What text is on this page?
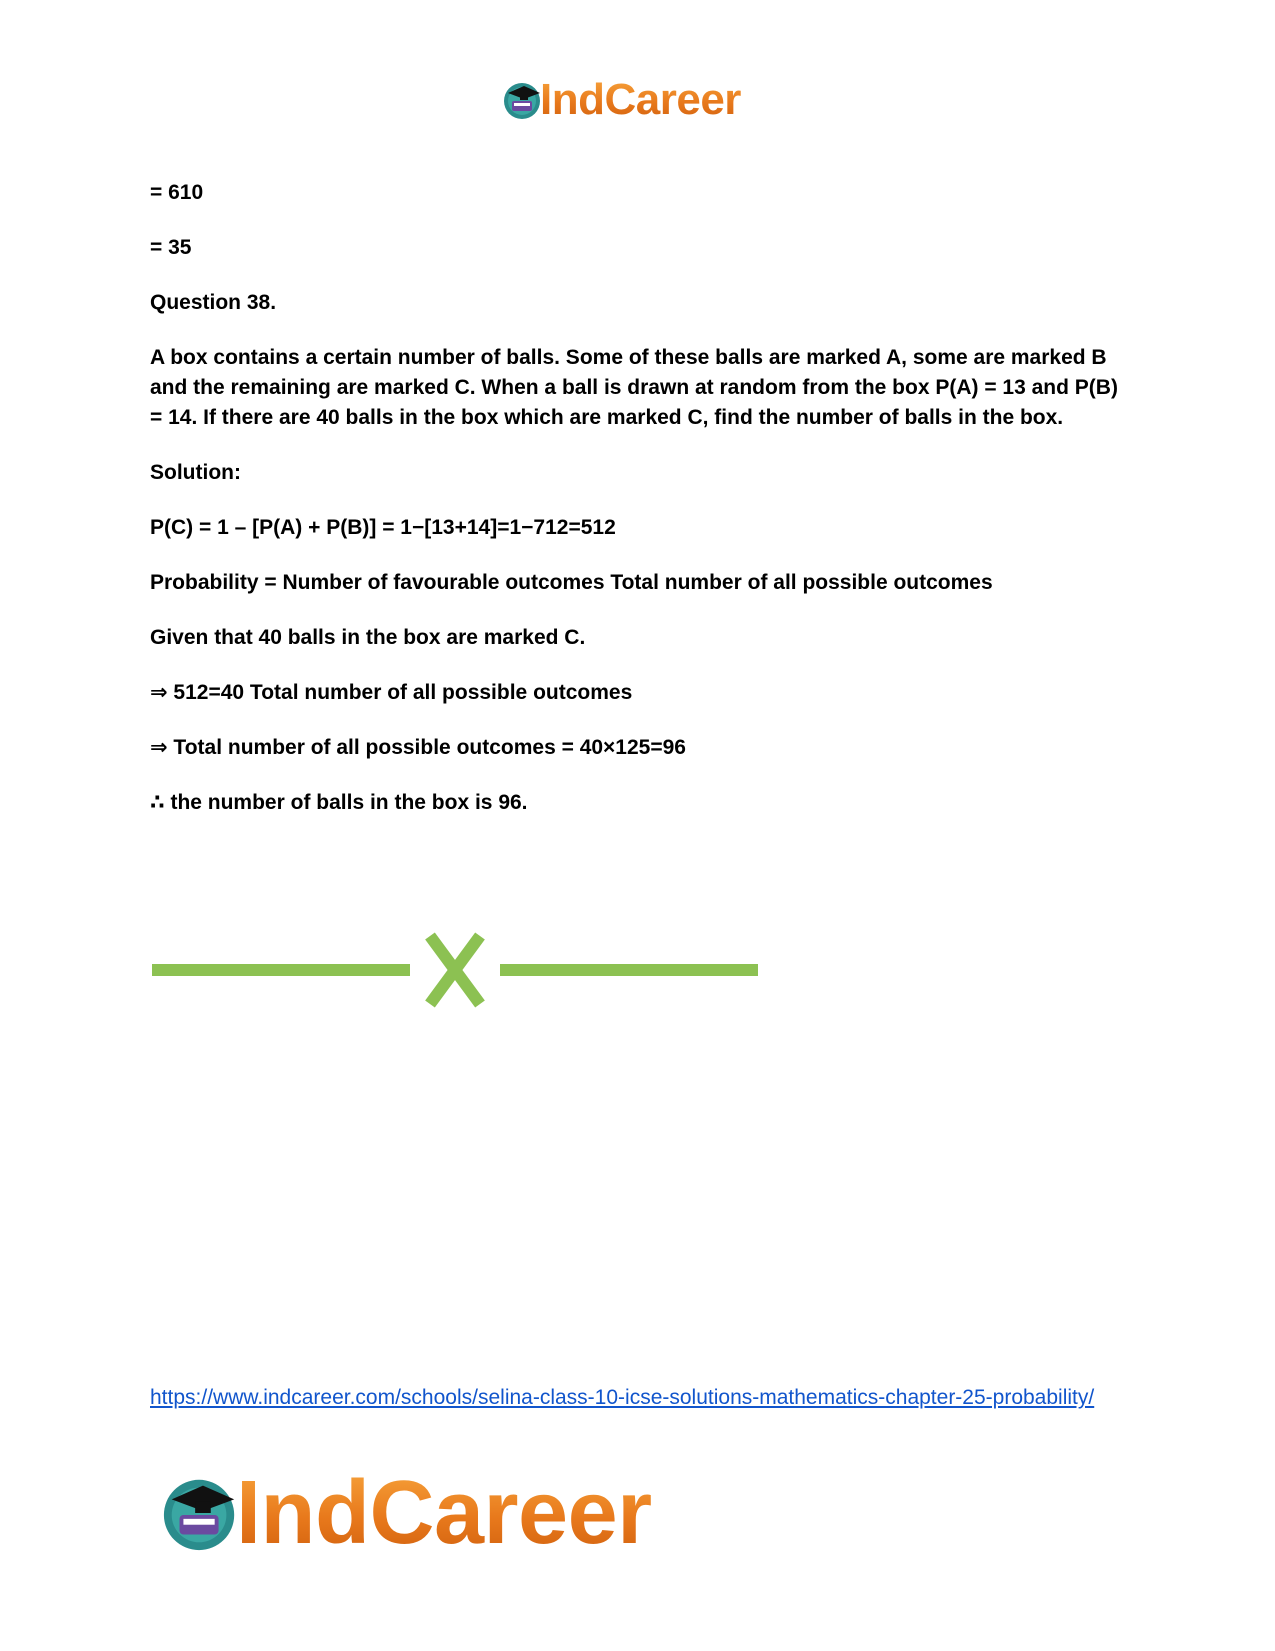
IndCareer

= 610

= 35

Question 38.

A box contains a certain number of balls. Some of these balls are marked A, some are marked B and the remaining are marked C. When a ball is drawn at random from the box P(A) = 13 and P(B) = 14. If there are 40 balls in the box which are marked C, find the number of balls in the box.

Solution:

P(C) = 1 – [P(A) + P(B)] = 1−[13+14]=1−712=512

Probability = Number of favourable outcomes Total number of all possible outcomes

Given that 40 balls in the box are marked C.

⇒ 512=40 Total number of all possible outcomes

⇒ Total number of all possible outcomes = 40×125=96

∴ the number of balls in the box is 96.

https://www.indcareer.com/schools/selina-class-10-icse-solutions-mathematics-chapter-25-probability/
IndCareer
